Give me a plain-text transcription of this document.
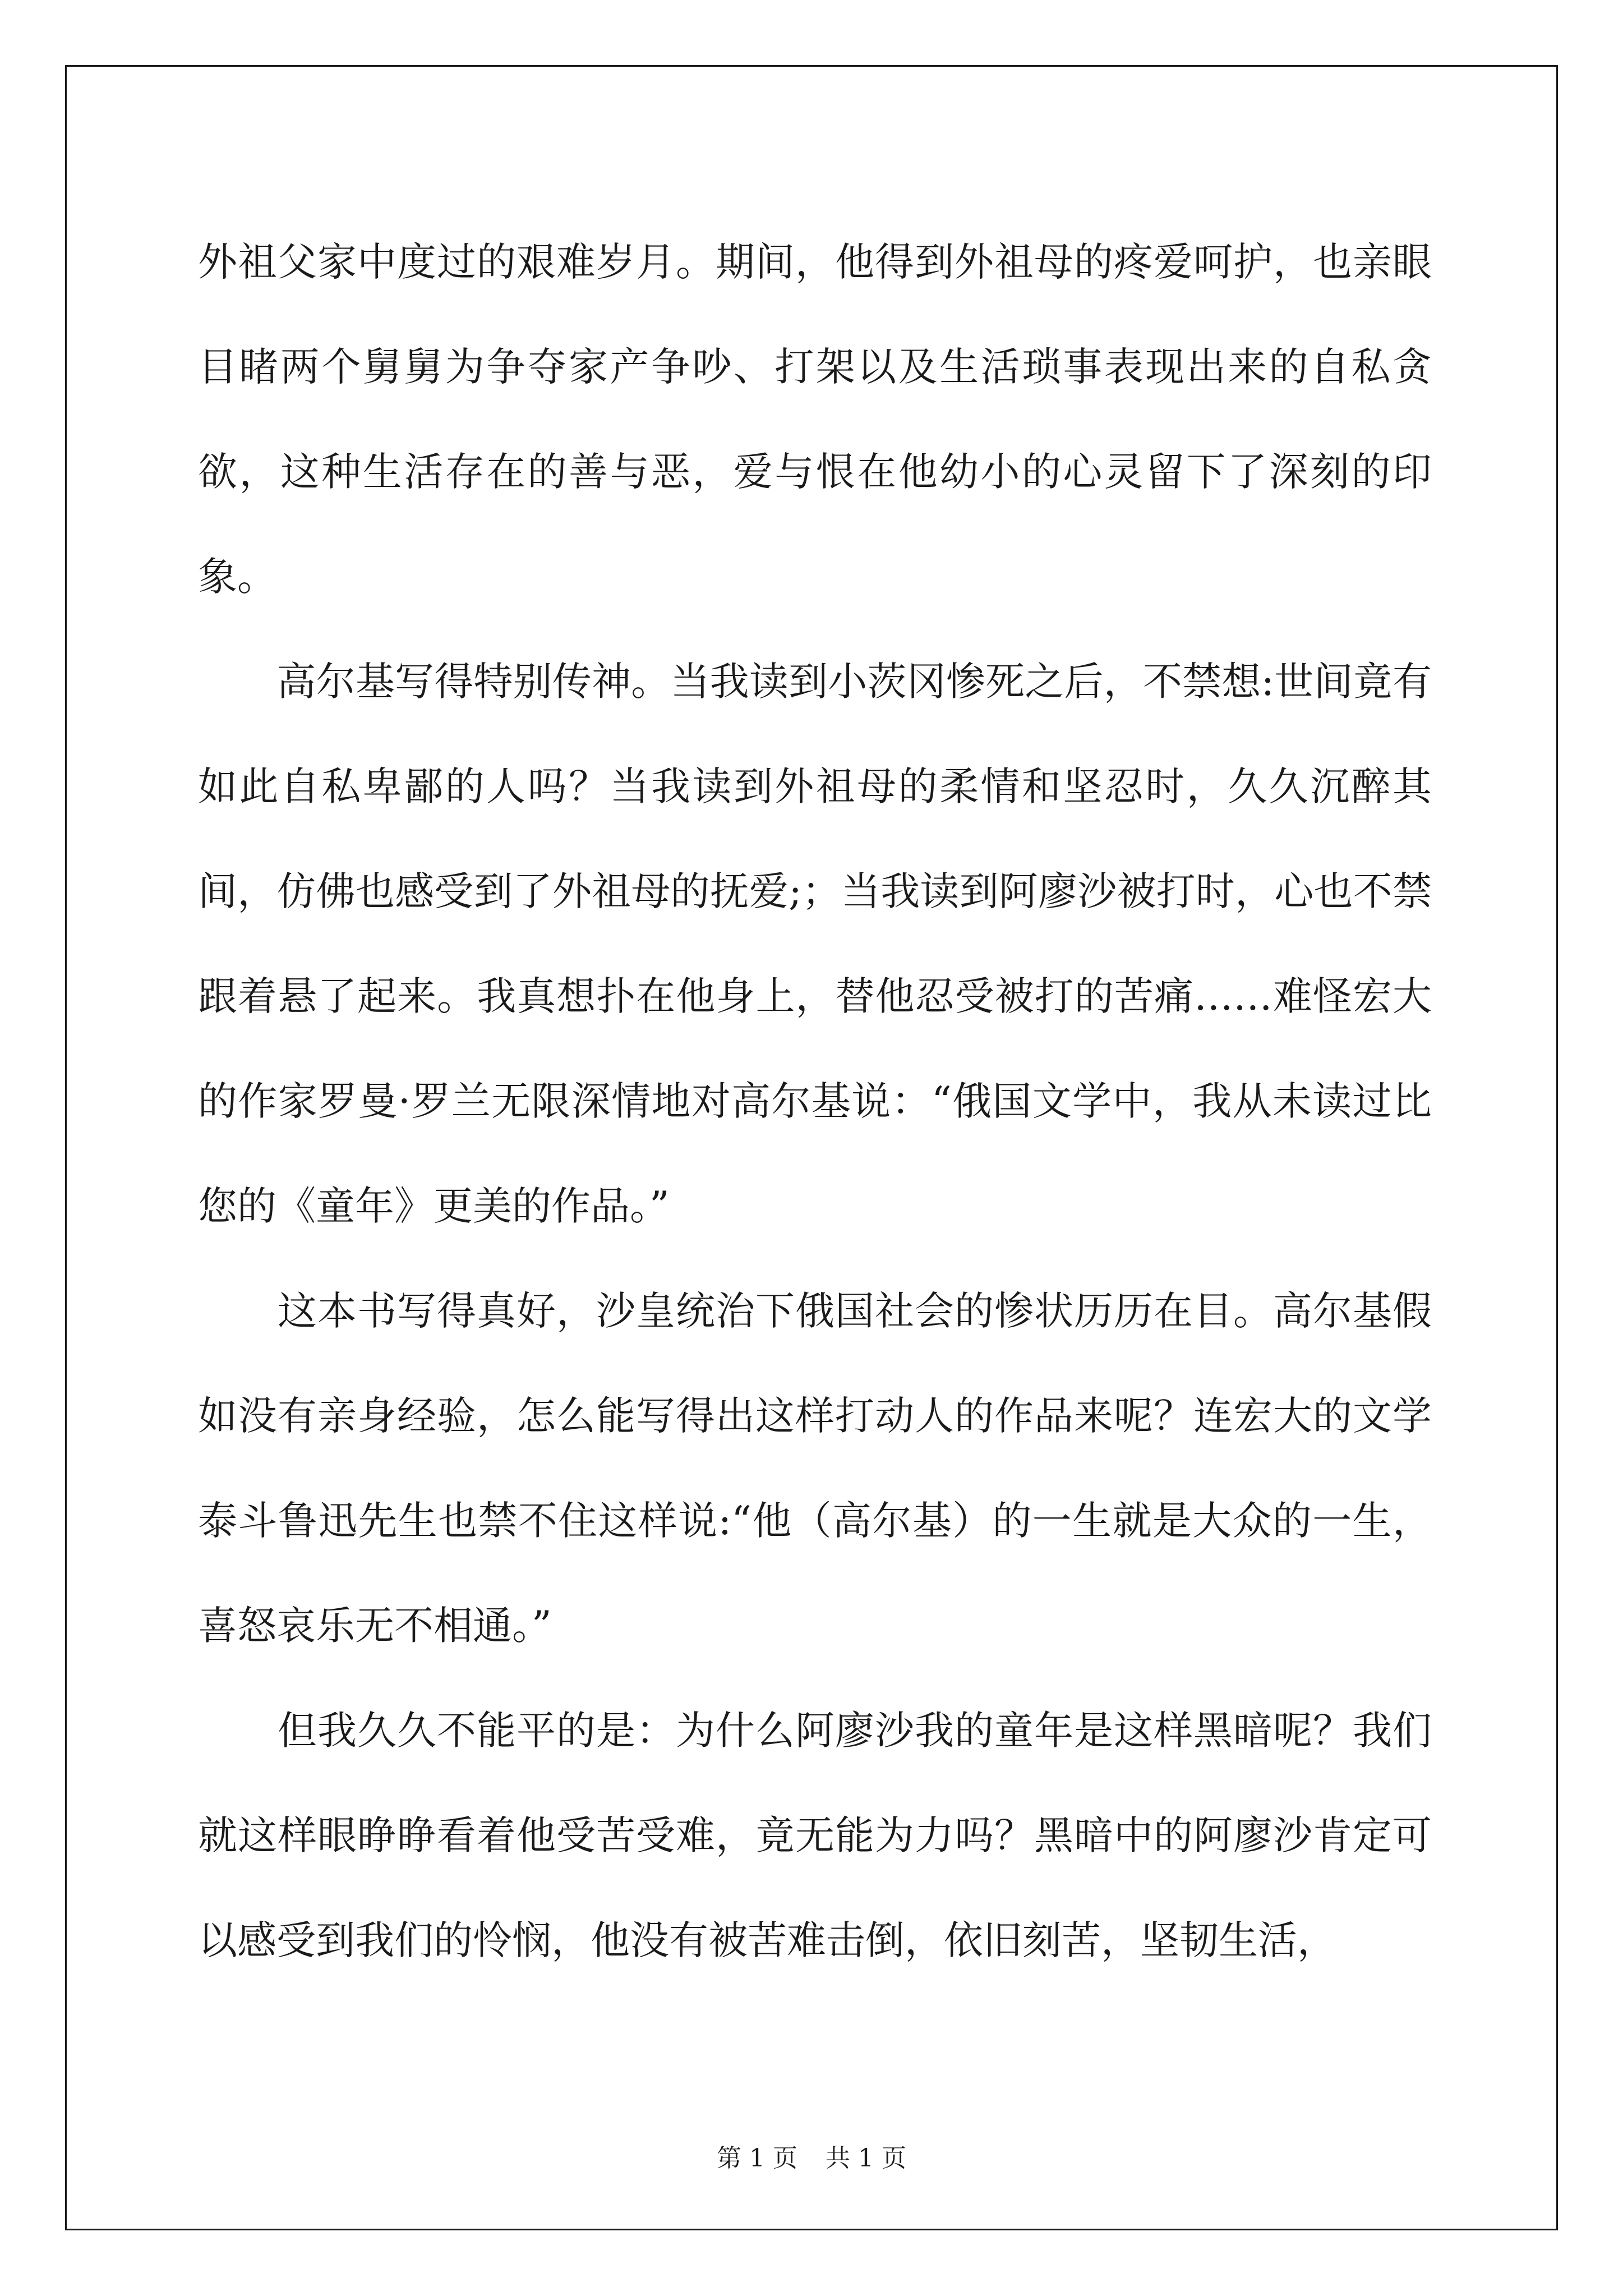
外祖父家中度过的艰难岁月。期间，他得到外祖母的疼爱呵护，也亲眼目睹两个舅舅为争夺家产争吵、打架以及生活琐事表现出来的自私贪欲，这种生活存在的善与恶，爱与恨在他幼小的心灵留下了深刻的印象。

　　高尔基写得特别传神。当我读到小茨冈惨死之后，不禁想:世间竟有如此自私卑鄙的人吗？当我读到外祖母的柔情和坚忍时，久久沉醉其间，仿佛也感受到了外祖母的抚爱;；当我读到阿廖沙被打时，心也不禁跟着悬了起来。我真想扑在他身上，替他忍受被打的苦痛……难怪宏大的作家罗曼·罗兰无限深情地对高尔基说：“俄国文学中，我从未读过比您的《童年》更美的作品。”

　　这本书写得真好，沙皇统治下俄国社会的惨状历历在目。高尔基假如没有亲身经验，怎么能写得出这样打动人的作品来呢？连宏大的文学泰斗鲁迅先生也禁不住这样说:“他（高尔基）的一生就是大众的一生，喜怒哀乐无不相通。”

　　但我久久不能平的是：为什么阿廖沙我的童年是这样黑暗呢？我们就这样眼睁睁看着他受苦受难，竟无能为力吗？黑暗中的阿廖沙肯定可以感受到我们的怜悯，他没有被苦难击倒，依旧刻苦，坚韧生活，

第 1 页 共 1 页
